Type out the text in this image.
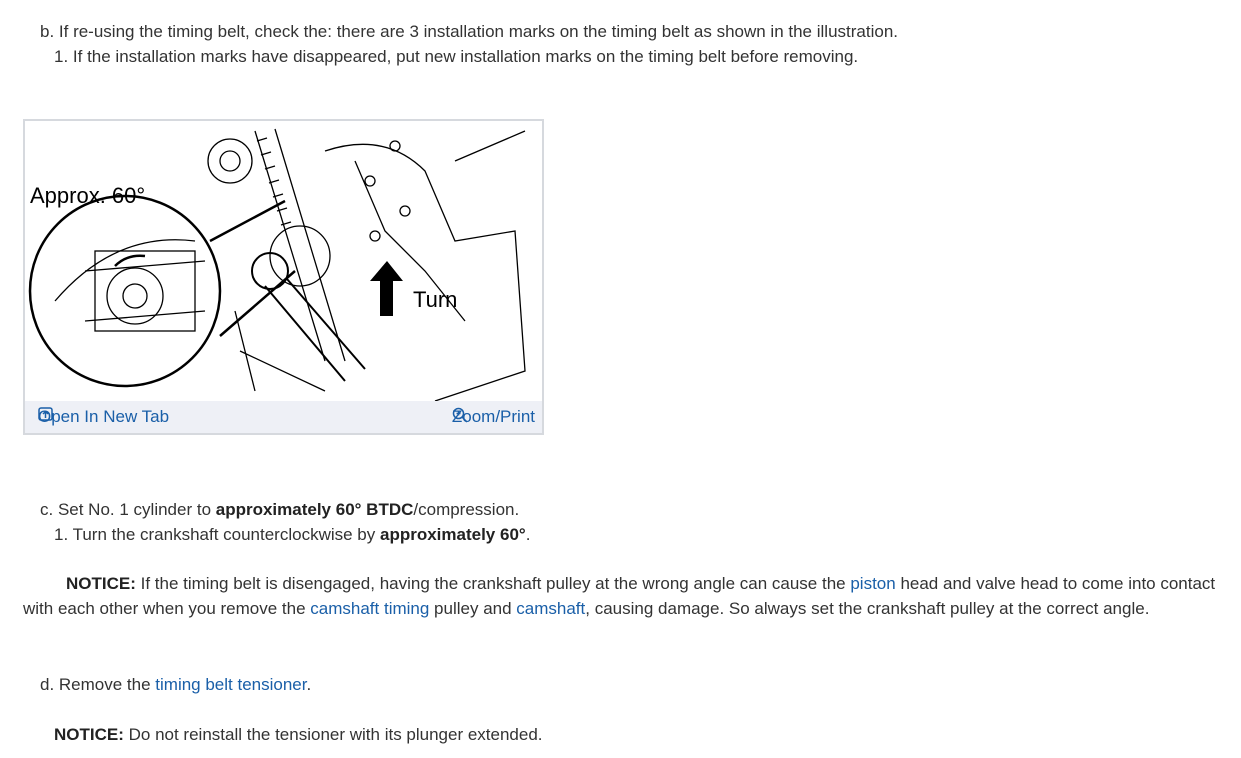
b. If re-using the timing belt, check the: there are 3 installation marks on the timing belt as shown in the illustration.
1. If the installation marks have disappeared, put new installation marks on the timing belt before removing.
Approx. 60°
Turn
Open In New Tab	Zoom/Print
c. Set No. 1 cylinder to approximately 60° BTDC/compression.
1. Turn the crankshaft counterclockwise by approximately 60°.
NOTICE: If the timing belt is disengaged, having the crankshaft pulley at the wrong angle can cause the piston head and valve head to come into contact with each other when you remove the camshaft timing pulley and camshaft, causing damage. So always set the crankshaft pulley at the correct angle.
d. Remove the timing belt tensioner.
NOTICE: Do not reinstall the tensioner with its plunger extended.
